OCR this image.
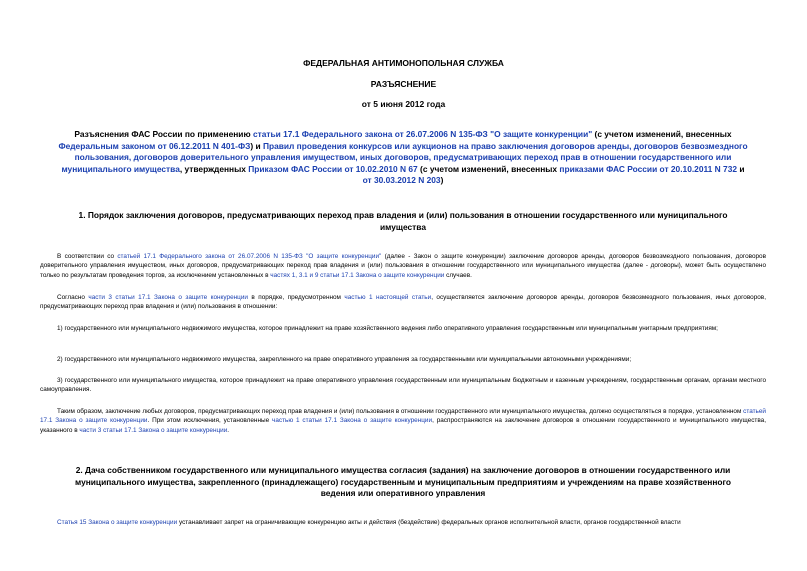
ФЕДЕРАЛЬНАЯ АНТИМОНОПОЛЬНАЯ СЛУЖБА
РАЗЪЯСНЕНИЕ
от 5 июня 2012 года
Разъяснения ФАС России по применению статьи 17.1 Федерального закона от 26.07.2006 N 135-ФЗ "О защите конкуренции" (с учетом изменений, внесенных Федеральным законом от 06.12.2011 N 401-ФЗ) и Правил проведения конкурсов или аукционов на право заключения договоров аренды, договоров безвозмездного пользования, договоров доверительного управления имуществом, иных договоров, предусматривающих переход прав в отношении государственного или муниципального имущества, утвержденных Приказом ФАС России от 10.02.2010 N 67 (с учетом изменений, внесенных приказами ФАС России от 20.10.2011 N 732 и от 30.03.2012 N 203)
1. Порядок заключения договоров, предусматривающих переход прав владения и (или) пользования в отношении государственного или муниципального имущества
В соответствии со статьей 17.1 Федерального закона от 26.07.2006 N 135-ФЗ "О защите конкуренции" (далее - Закон о защите конкуренции) заключение договоров аренды, договоров безвозмездного пользования, договоров доверительного управления имуществом, иных договоров, предусматривающих переход прав владения и (или) пользования в отношении государственного или муниципального имущества (далее - договоры), может быть осуществлено только по результатам проведения торгов, за исключением установленных в частях 1, 3.1 и 9 статьи 17.1 Закона о защите конкуренции случаев.
Согласно части 3 статьи 17.1 Закона о защите конкуренции в порядке, предусмотренном частью 1 настоящей статьи, осуществляется заключение договоров аренды, договоров безвозмездного пользования, иных договоров, предусматривающих переход прав владения и (или) пользования в отношении:
1) государственного или муниципального недвижимого имущества, которое принадлежит на праве хозяйственного ведения либо оперативного управления государственным или муниципальным унитарным предприятиям;
2) государственного или муниципального недвижимого имущества, закрепленного на праве оперативного управления за государственными или муниципальными автономными учреждениями;
3) государственного или муниципального имущества, которое принадлежит на праве оперативного управления государственным или муниципальным бюджетным и казенным учреждениям, государственным органам, органам местного самоуправления.
Таким образом, заключение любых договоров, предусматривающих переход прав владения и (или) пользования в отношении государственного или муниципального имущества, должно осуществляться в порядке, установленном статьей 17.1 Закона о защите конкуренции. При этом исключения, установленные частью 1 статьи 17.1 Закона о защите конкуренции, распространяются на заключение договоров в отношении государственного и муниципального имущества, указанного в части 3 статьи 17.1 Закона о защите конкуренции.
2. Дача собственником государственного или муниципального имущества согласия (задания) на заключение договоров в отношении государственного или муниципального имущества, закрепленного (принадлежащего) государственным и муниципальным предприятиям и учреждениям на праве хозяйственного ведения или оперативного управления
Статья 15 Закона о защите конкуренции устанавливает запрет на ограничивающие конкуренцию акты и действия (бездействие) федеральных органов исполнительной власти, органов государственной власти
